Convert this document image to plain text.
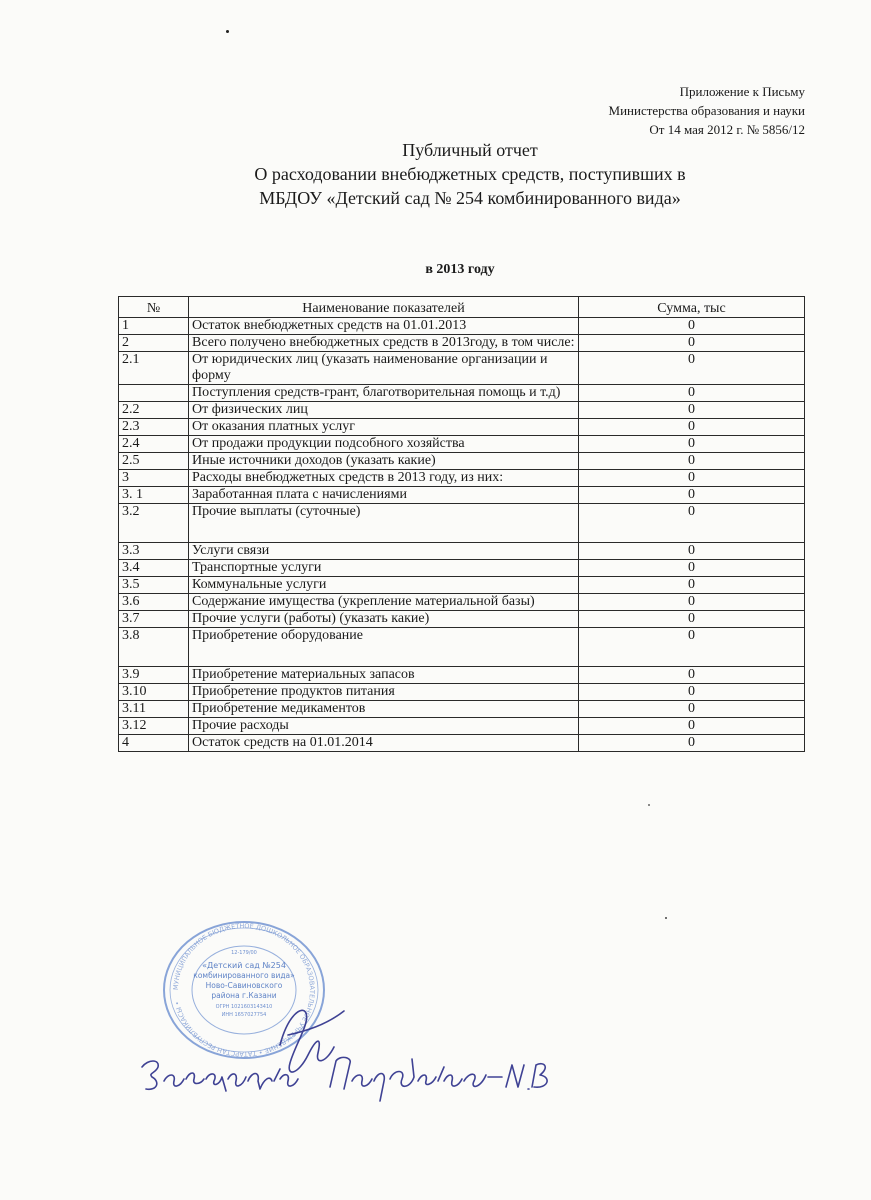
Приложение к Письму
Министерства образования и науки
От 14 мая 2012 г. № 5856/12
Публичный отчет
О расходовании внебюджетных средств, поступивших в
МБДОУ «Детский сад № 254 комбинированного вида»
в 2013 году
№	Наименование показателей	Сумма, тыс
1	Остаток внебюджетных средств на 01.01.2013	0
2	Всего получено внебюджетных средств в 2013году, в том числе:	0
2.1	От юридических лиц (указать наименование организации и форму	0
	Поступления средств-грант, благотворительная помощь и т.д)	0
2.2	От физических лиц	0
2.3	От оказания платных услуг	0
2.4	От продажи продукции подсобного хозяйства	0
2.5	Иные источники доходов (указать какие)	0
3	Расходы внебюджетных средств в 2013 году, из них:	0
3. 1	Заработанная плата с начислениями	0
3.2	Прочие выплаты (суточные)	0
3.3	Услуги связи	0
3.4	Транспортные услуги	0
3.5	Коммунальные услуги	0
3.6	Содержание имущества (укрепление материальной базы)	0
3.7	Прочие услуги (работы) (указать какие)	0
3.8	Приобретение оборудование	0
3.9	Приобретение материальных запасов	0
3.10	Приобретение продуктов питания	0
3.11	Приобретение медикаментов	0
3.12	Прочие расходы	0
4	Остаток средств на 01.01.2014	0
МУНИЦИПАЛЬНОЕ БЮДЖЕТНОЕ ДОШКОЛЬНОЕ ОБРАЗОВАТЕЛЬНОЕ УЧРЕЖДЕНИЕ • ТАТАРСТАН РЕСПУБЛИКАСЫ •
12-179/00
«Детский сад №254
комбинированного вида»
Ново-Савиновского
района г.Казани
ОГРН 1021603143410
ИНН 1657027754
Заведующий Перфилова И.В
